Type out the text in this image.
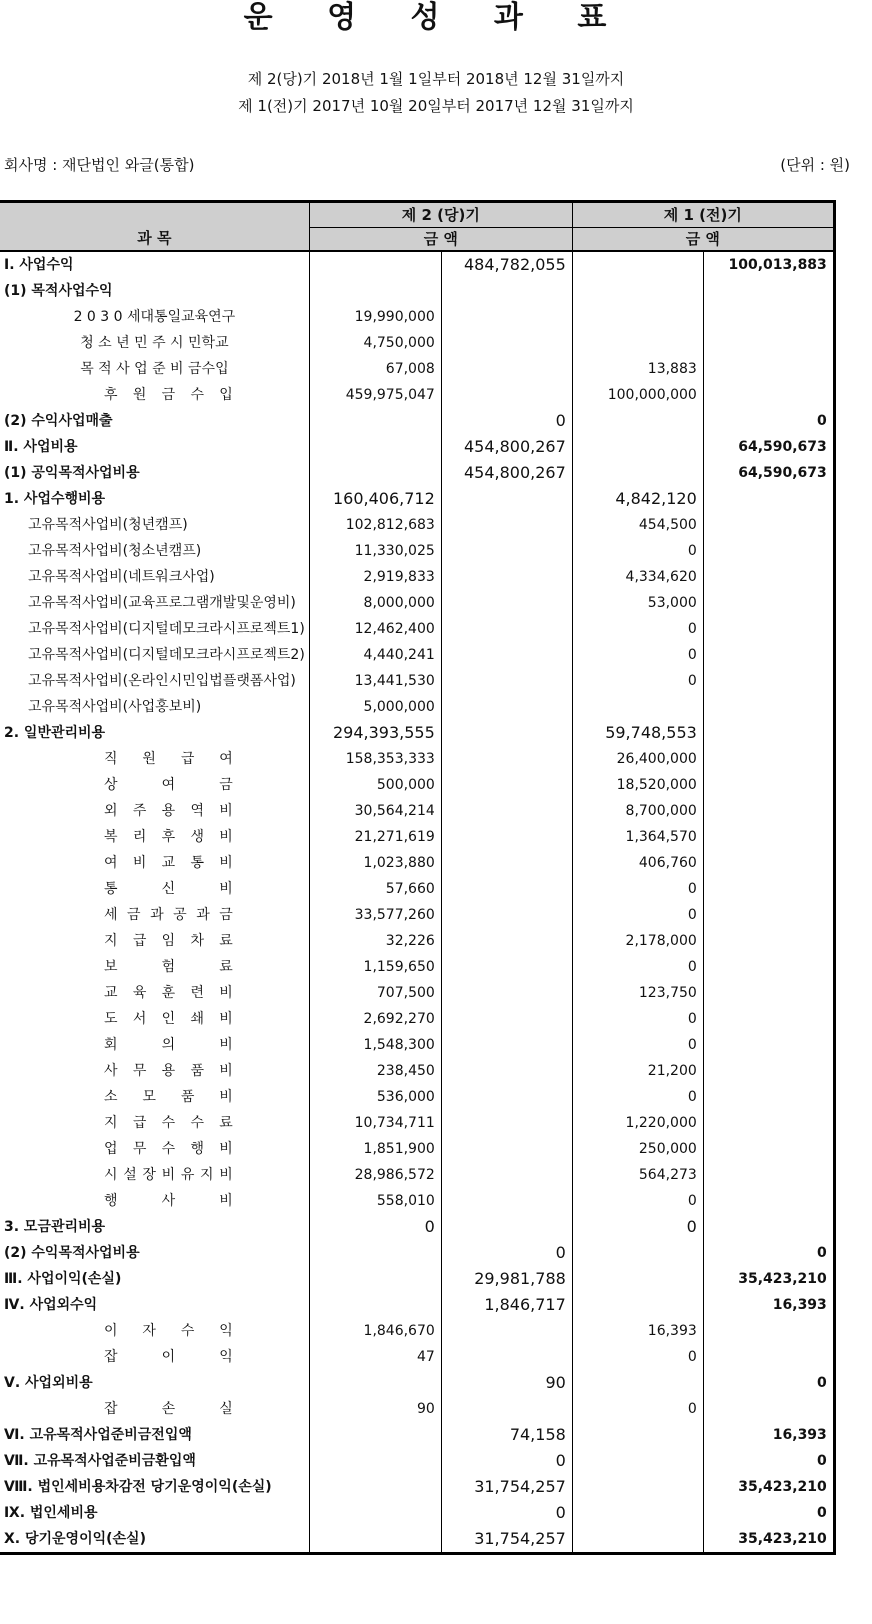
운 영 성 과 표
제 2(당)기 2018년 1월 1일부터 2018년 12월 31일까지
제 1(전)기 2017년 10월 20일부터 2017년 12월 31일까지
회사명 : 재단법인 와글(통합)	(단위 : 원)
과 목	제 2 (당)기		제 1 (전)기	
	금 액		금 액	
Ⅰ. 사업수익		484,782,055		100,013,883
(1) 목적사업수익				
2 0 3 0 세대통일교육연구	19,990,000			
청 소 년 민 주 시 민학교	4,750,000			
목 적 사 업 준 비 금수입	67,008		13,883	
후 원 금 수 입	459,975,047		100,000,000	
(2) 수익사업매출		0		0
Ⅱ. 사업비용		454,800,267		64,590,673
(1) 공익목적사업비용		454,800,267		64,590,673
1. 사업수행비용	160,406,712		4,842,120	
고유목적사업비(청년캠프)	102,812,683		454,500	
고유목적사업비(청소년캠프)	11,330,025		0	
고유목적사업비(네트워크사업)	2,919,833		4,334,620	
고유목적사업비(교육프로그램개발및운영비)	8,000,000		53,000	
고유목적사업비(디지털데모크라시프로젝트1)	12,462,400		0	
고유목적사업비(디지털데모크라시프로젝트2)	4,440,241		0	
고유목적사업비(온라인시민입법플랫폼사업)	13,441,530		0	
고유목적사업비(사업홍보비)	5,000,000			
2. 일반관리비용	294,393,555		59,748,553	
직 원 급 여	158,353,333		26,400,000	
상 여 금	500,000		18,520,000	
외 주 용 역 비	30,564,214		8,700,000	
복 리 후 생 비	21,271,619		1,364,570	
여 비 교 통 비	1,023,880		406,760	
통 신 비	57,660		0	
세 금 과 공 과 금	33,577,260		0	
지 급 임 차 료	32,226		2,178,000	
보 험 료	1,159,650		0	
교 육 훈 련 비	707,500		123,750	
도 서 인 쇄 비	2,692,270		0	
회 의 비	1,548,300		0	
사 무 용 품 비	238,450		21,200	
소 모 품 비	536,000		0	
지 급 수 수 료	10,734,711		1,220,000	
업 무 수 행 비	1,851,900		250,000	
시 설 장 비 유 지 비	28,986,572		564,273	
행 사 비	558,010		0	
3. 모금관리비용	0		0	
(2) 수익목적사업비용		0		0
Ⅲ. 사업이익(손실)		29,981,788		35,423,210
Ⅳ. 사업외수익		1,846,717		16,393
이 자 수 익	1,846,670		16,393	
잡 이 익	47		0	
Ⅴ. 사업외비용		90		0
잡 손 실	90		0	
Ⅵ. 고유목적사업준비금전입액		74,158		16,393
Ⅶ. 고유목적사업준비금환입액		0		0
Ⅷ. 법인세비용차감전 당기운영이익(손실)		31,754,257		35,423,210
Ⅸ. 법인세비용		0		0
Ⅹ. 당기운영이익(손실)		31,754,257		35,423,210
